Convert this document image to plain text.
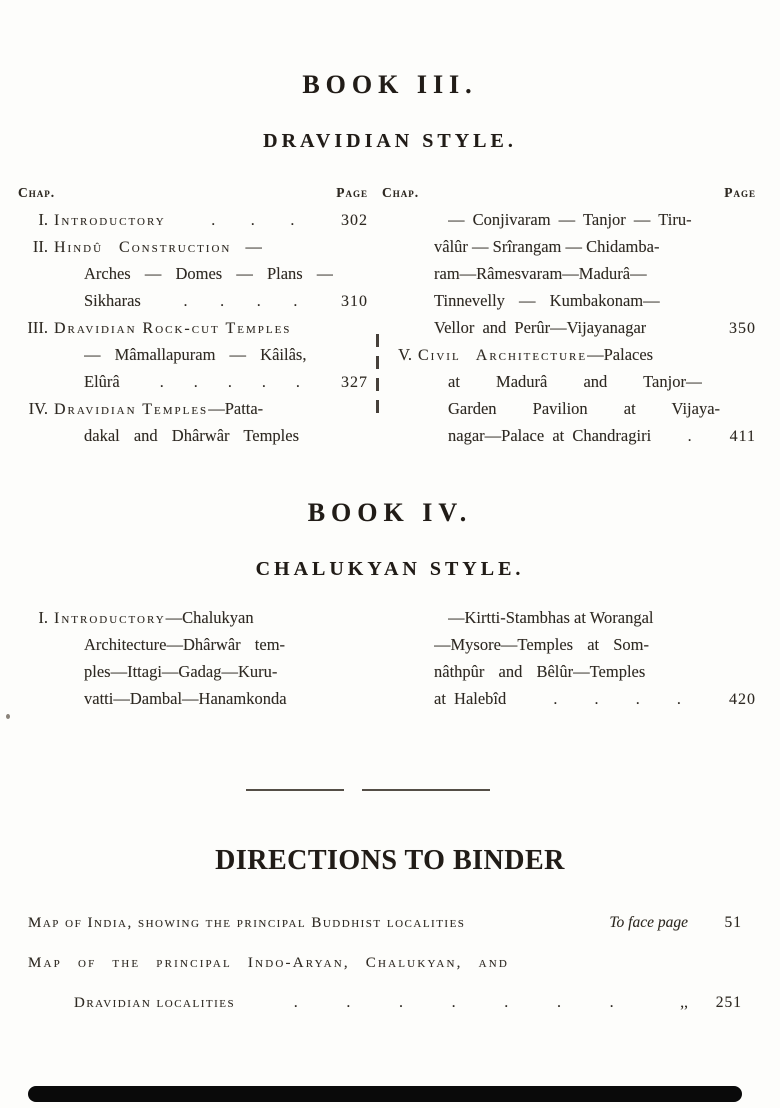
BOOK III.
DRAVIDIAN STYLE.
Chap.	Page Chap.	Page
I. Introductory	. . .	302
II. Hindû Construction —
Arches — Domes — Plans —
Sikharas	. . . .	310
III. Dravidian Rock-cut Temples
— Mâmallapuram — Kâilâs,
Elûrâ	. . . . .	327
IV. Dravidian Temples—Patta-
dakal and Dhârwâr Temples
— Conjivaram — Tanjor — Tiru-
vâlûr — Srîrangam — Chidamba-
ram—Râmesvaram—Madurâ—
Tinnevelly — Kumbakonam—
Vellor and Perûr—Vijayanagar	350
V. Civil Architecture—Palaces
at Madurâ and Tanjor—
Garden Pavilion at Vijaya-
nagar—Palace at Chandragiri .	411
BOOK IV.
CHALUKYAN STYLE.
I. Introductory—Chalukyan
Architecture—Dhârwâr tem-
ples—Ittagi—Gadag—Kuru-
vatti—Dambal—Hanamkonda
—Kirtti-Stambhas at Worangal
—Mysore—Temples at Som-
nâthpûr and Bêlûr—Temples
at Halebîd	. . . .	420
DIRECTIONS TO BINDER
Map of India, showing the principal Buddhist localities	To face page	51
Map of the principal Indo-Aryan, Chalukyan, and
Dravidian localities	.	.	.	.	.	.	.	,,	251
